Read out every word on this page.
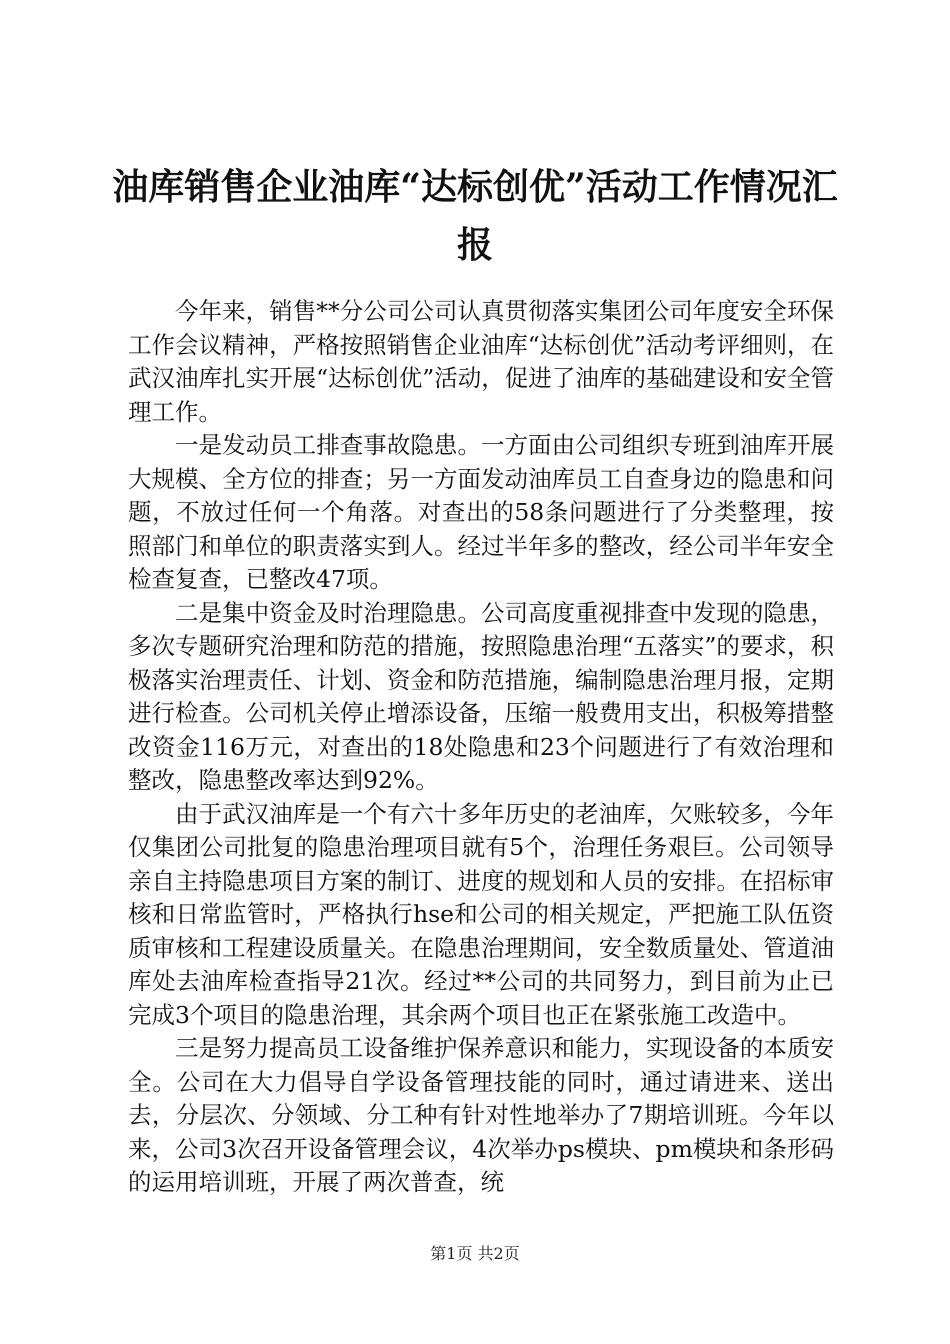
油库销售企业油库“达标创优”活动工作情况汇报

今年来，销售**分公司公司认真贯彻落实集团公司年度安全环保工作会议精神，严格按照销售企业油库“达标创优”活动考评细则，在武汉油库扎实开展“达标创优”活动，促进了油库的基础建设和安全管理工作。

一是发动员工排查事故隐患。一方面由公司组织专班到油库开展大规模、全方位的排查；另一方面发动油库员工自查身边的隐患和问题，不放过任何一个角落。对查出的58条问题进行了分类整理，按照部门和单位的职责落实到人。经过半年多的整改，经公司半年安全检查复查，已整改47项。

二是集中资金及时治理隐患。公司高度重视排查中发现的隐患，多次专题研究治理和防范的措施，按照隐患治理“五落实”的要求，积极落实治理责任、计划、资金和防范措施，编制隐患治理月报，定期进行检查。公司机关停止增添设备，压缩一般费用支出，积极筹措整改资金116万元，对查出的18处隐患和23个问题进行了有效治理和整改，隐患整改率达到92%。

由于武汉油库是一个有六十多年历史的老油库，欠账较多，今年仅集团公司批复的隐患治理项目就有5个，治理任务艰巨。公司领导亲自主持隐患项目方案的制订、进度的规划和人员的安排。在招标审核和日常监管时，严格执行hse和公司的相关规定，严把施工队伍资质审核和工程建设质量关。在隐患治理期间，安全数质量处、管道油库处去油库检查指导21次。经过**公司的共同努力，到目前为止已完成3个项目的隐患治理，其余两个项目也正在紧张施工改造中。

三是努力提高员工设备维护保养意识和能力，实现设备的本质安全。公司在大力倡导自学设备管理技能的同时，通过请进来、送出去，分层次、分领域、分工种有针对性地举办了7期培训班。今年以来，公司3次召开设备管理会议，4次举办ps模块、pm模块和条形码的运用培训班，开展了两次普查，统

第1页 共2页
